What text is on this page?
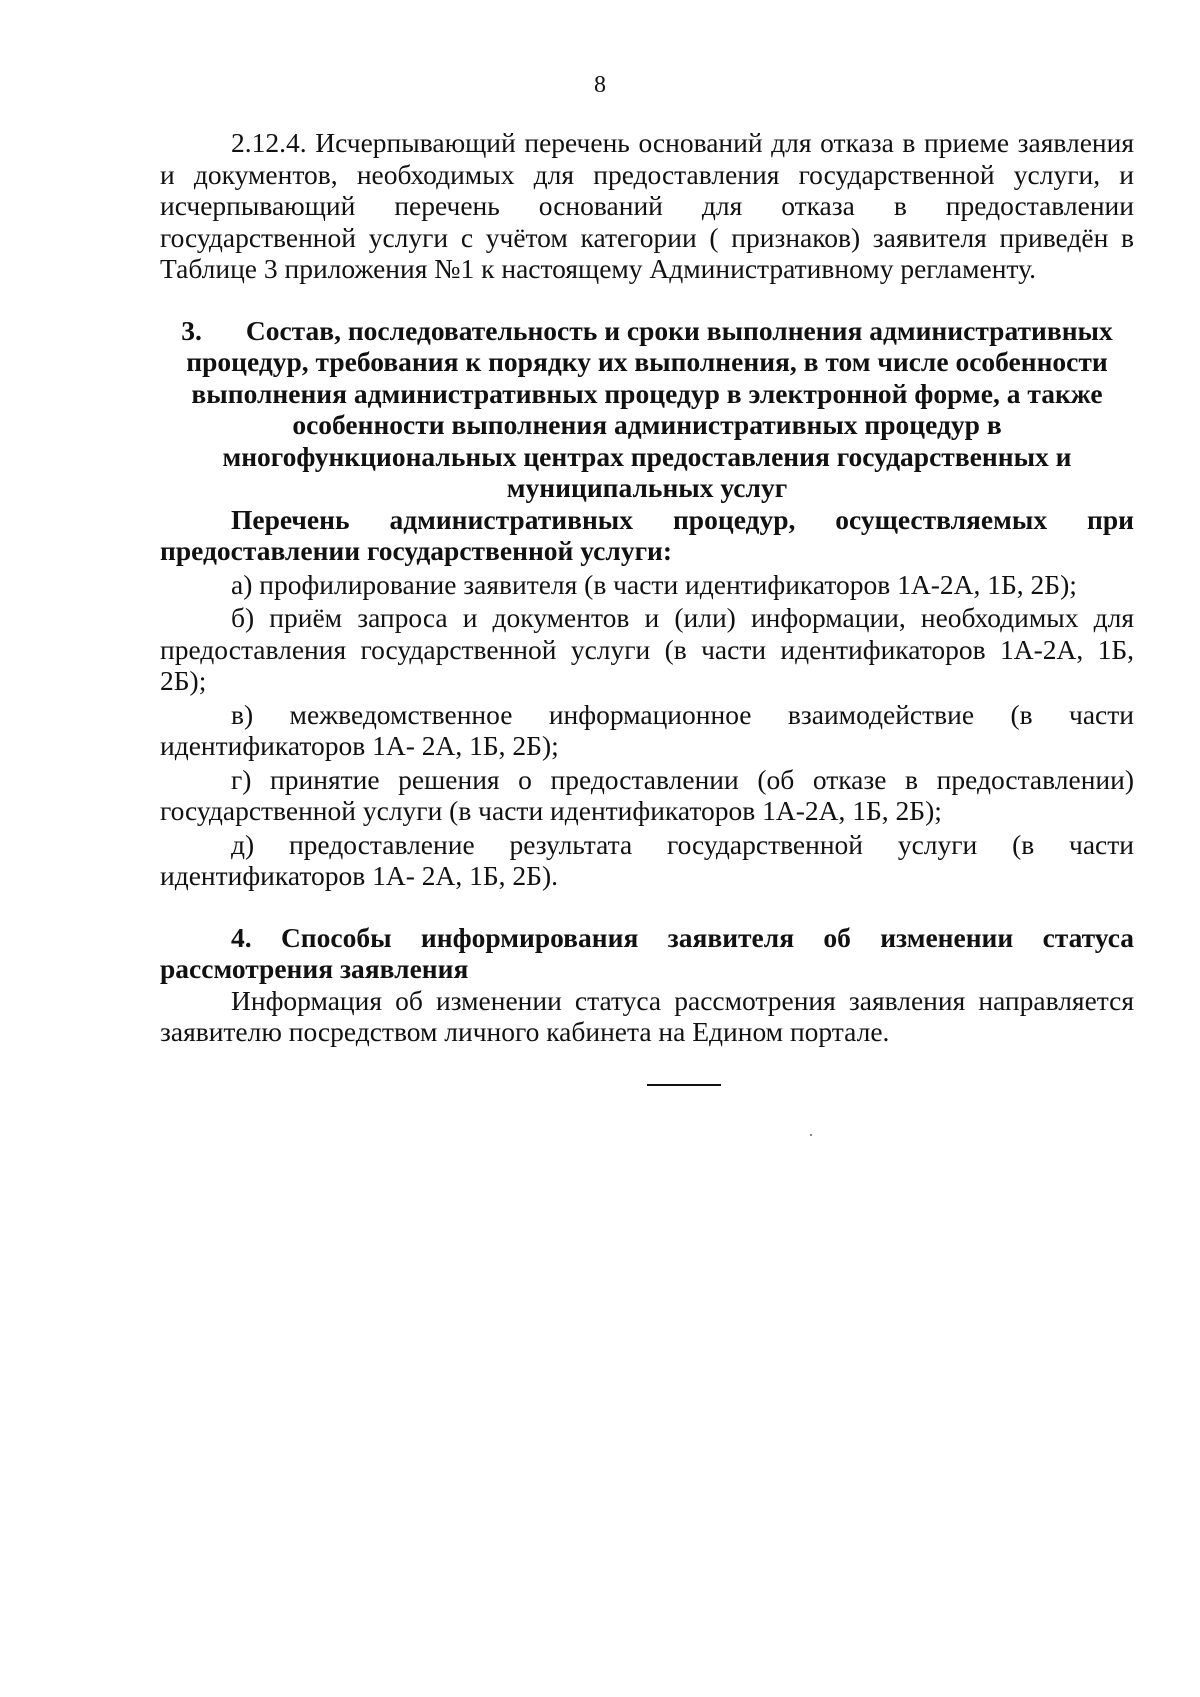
8

2.12.4. Исчерпывающий перечень оснований для отказа в приеме заявления и документов, необходимых для предоставления государственной услуги, и исчерпывающий перечень оснований для отказа в предоставлении государственной услуги с учётом категории ( признаков) заявителя приведён в Таблице 3 приложения №1 к настоящему Административному регламенту.

3. Состав, последовательность и сроки выполнения административных процедур, требования к порядку их выполнения, в том числе особенности выполнения административных процедур в электронной форме, а также особенности выполнения административных процедур в многофункциональных центрах предоставления государственных и муниципальных услуг

Перечень административных процедур, осуществляемых при предоставлении государственной услуги:

а) профилирование заявителя (в части идентификаторов 1А-2А, 1Б, 2Б);

б) приём запроса и документов и (или) информации, необходимых для предоставления государственной услуги (в части идентификаторов 1А-2А, 1Б, 2Б);

в) межведомственное информационное взаимодействие (в части идентификаторов 1А- 2А, 1Б, 2Б);

г) принятие решения о предоставлении (об отказе в предоставлении) государственной услуги (в части идентификаторов 1А-2А, 1Б, 2Б);

д) предоставление результата государственной услуги (в части идентификаторов 1А- 2А, 1Б, 2Б).

4. Способы информирования заявителя об изменении статуса рассмотрения заявления

Информация об изменении статуса рассмотрения заявления направляется заявителю посредством личного кабинета на Едином портале.
